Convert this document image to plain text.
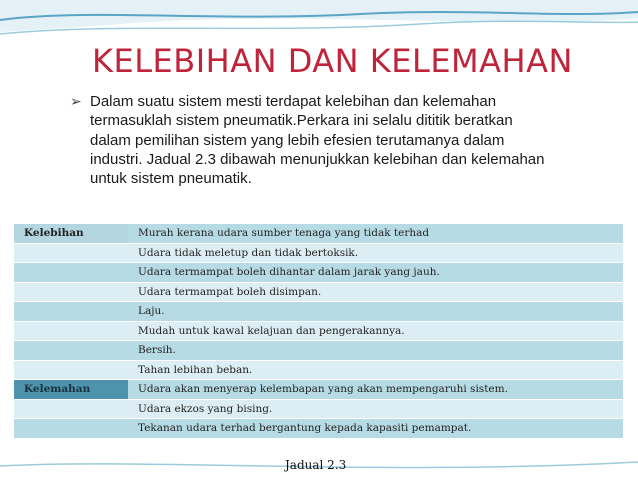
KELEBIHAN DAN KELEMAHAN
➢ Dalam suatu sistem mesti terdapat kelebihan dan kelemahan termasuklah sistem pneumatik.Perkara ini selalu dititik beratkan dalam pemilihan sistem yang lebih efesien terutamanya dalam industri. Jadual 2.3 dibawah menunjukkan kelebihan dan kelemahan untuk sistem pneumatik.
Kelebihan	Murah kerana udara sumber tenaga yang tidak terhad
	Udara tidak meletup dan tidak bertoksik.
	Udara termampat boleh dihantar dalam jarak yang jauh.
	Udara termampat boleh disimpan.
	Laju.
	Mudah untuk kawal kelajuan dan pengerakannya.
	Bersih.
	Tahan lebihan beban.
Kelemahan	Udara akan menyerap kelembapan yang akan mempengaruhi sistem.
	Udara ekzos yang bising.
	Tekanan udara terhad bergantung kepada kapasiti pemampat.
Jadual 2.3
